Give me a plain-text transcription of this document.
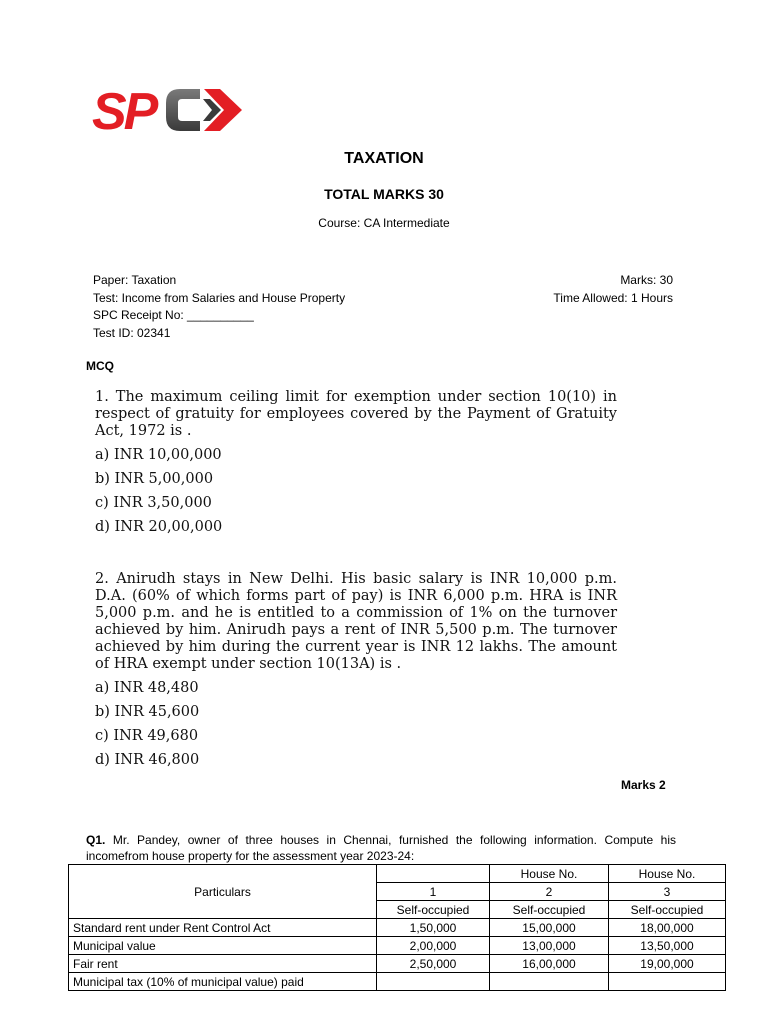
SP
TAXATION
TOTAL MARKS 30
Course: CA Intermediate
Paper: Taxation
Test: Income from Salaries and House Property
SPC Receipt No: __________
Test ID: 02341
Marks: 30
Time Allowed: 1 Hours
MCQ
1. The maximum ceiling limit for exemption under section 10(10) in respect of gratuity for employees covered by the Payment of Gratuity Act, 1972 is .
a) INR 10,00,000
b) INR 5,00,000
c) INR 3,50,000
d) INR 20,00,000
2. Anirudh stays in New Delhi. His basic salary is INR 10,000 p.m. D.A. (60% of which forms part of pay) is INR 6,000 p.m. HRA is INR 5,000 p.m. and he is entitled to a commission of 1% on the turnover achieved by him. Anirudh pays a rent of INR 5,500 p.m. The turnover achieved by him during the current year is INR 12 lakhs. The amount of HRA exempt under section 10(13A) is .
a) INR 48,480
b) INR 45,600
c) INR 49,680
d) INR 46,800
Marks 2
Q1. Mr. Pandey, owner of three houses in Chennai, furnished the following information. Compute his incomefrom house property for the assessment year 2023-24:
Particulars		House No.	House No.
	1	2	3
	Self-occupied	Self-occupied	Self-occupied
Standard rent under Rent Control Act	1,50,000	15,00,000	18,00,000
Municipal value	2,00,000	13,00,000	13,50,000
Fair rent	2,50,000	16,00,000	19,00,000
Municipal tax (10% of municipal value) paid			
